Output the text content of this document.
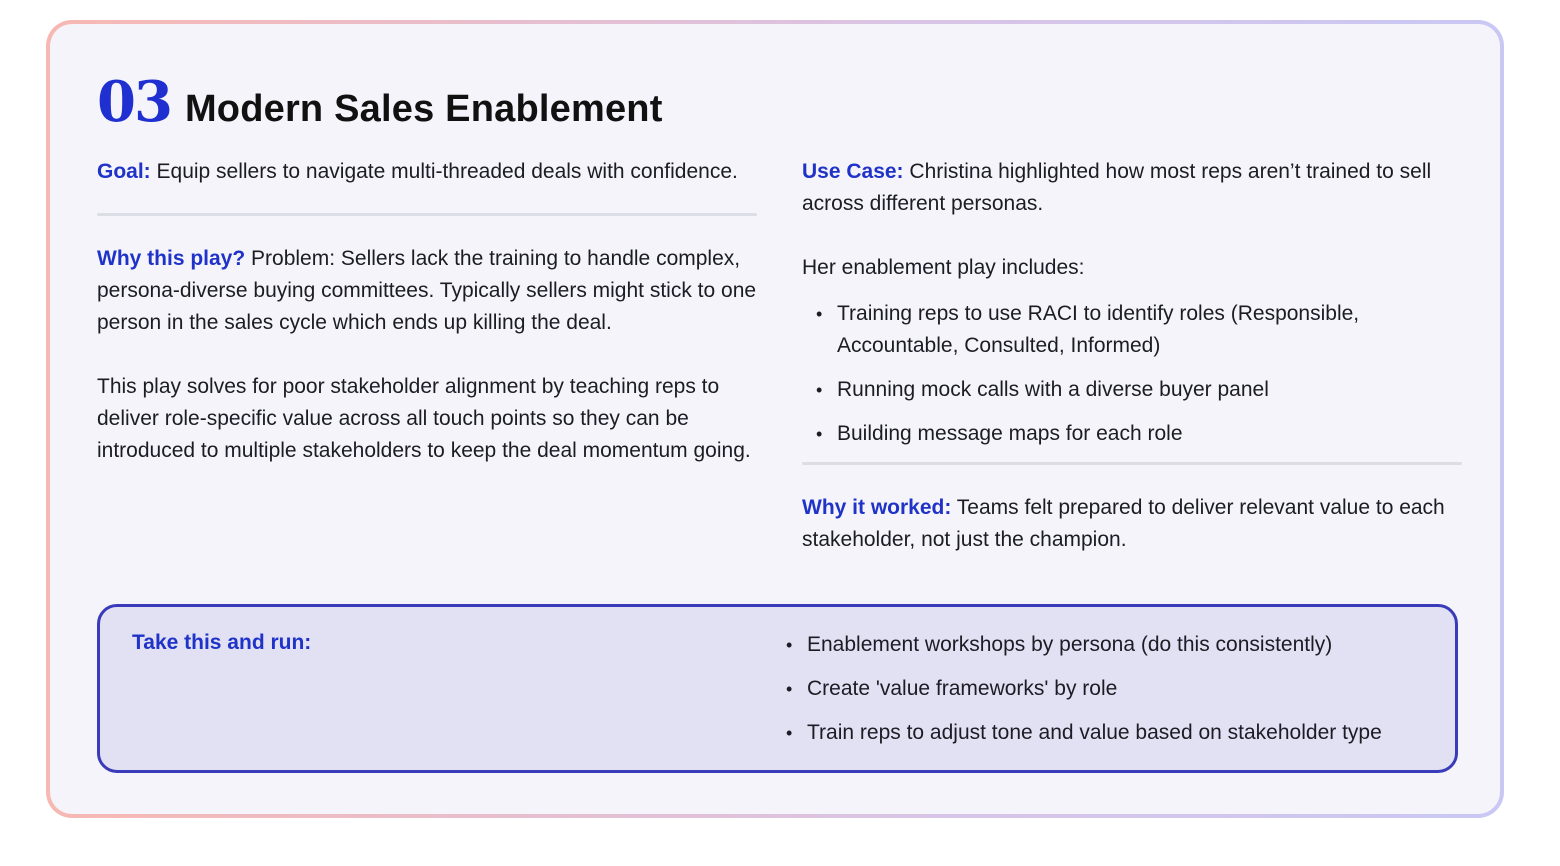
03 Modern Sales Enablement

Goal: Equip sellers to navigate multi-threaded deals with confidence.

Why this play? Problem: Sellers lack the training to handle complex, persona-diverse buying committees. Typically sellers might stick to one person in the sales cycle which ends up killing the deal.

This play solves for poor stakeholder alignment by teaching reps to deliver role-specific value across all touch points so they can be introduced to multiple stakeholders to keep the deal momentum going.

Use Case: Christina highlighted how most reps aren’t trained to sell across different personas.

Her enablement play includes:

• Training reps to use RACI to identify roles (Responsible, Accountable, Consulted, Informed)
• Running mock calls with a diverse buyer panel
• Building message maps for each role

Why it worked: Teams felt prepared to deliver relevant value to each stakeholder, not just the champion.

Take this and run:
•	Enablement workshops by persona (do this consistently)
• Create 'value frameworks' by role
• Train reps to adjust tone and value based on stakeholder type
